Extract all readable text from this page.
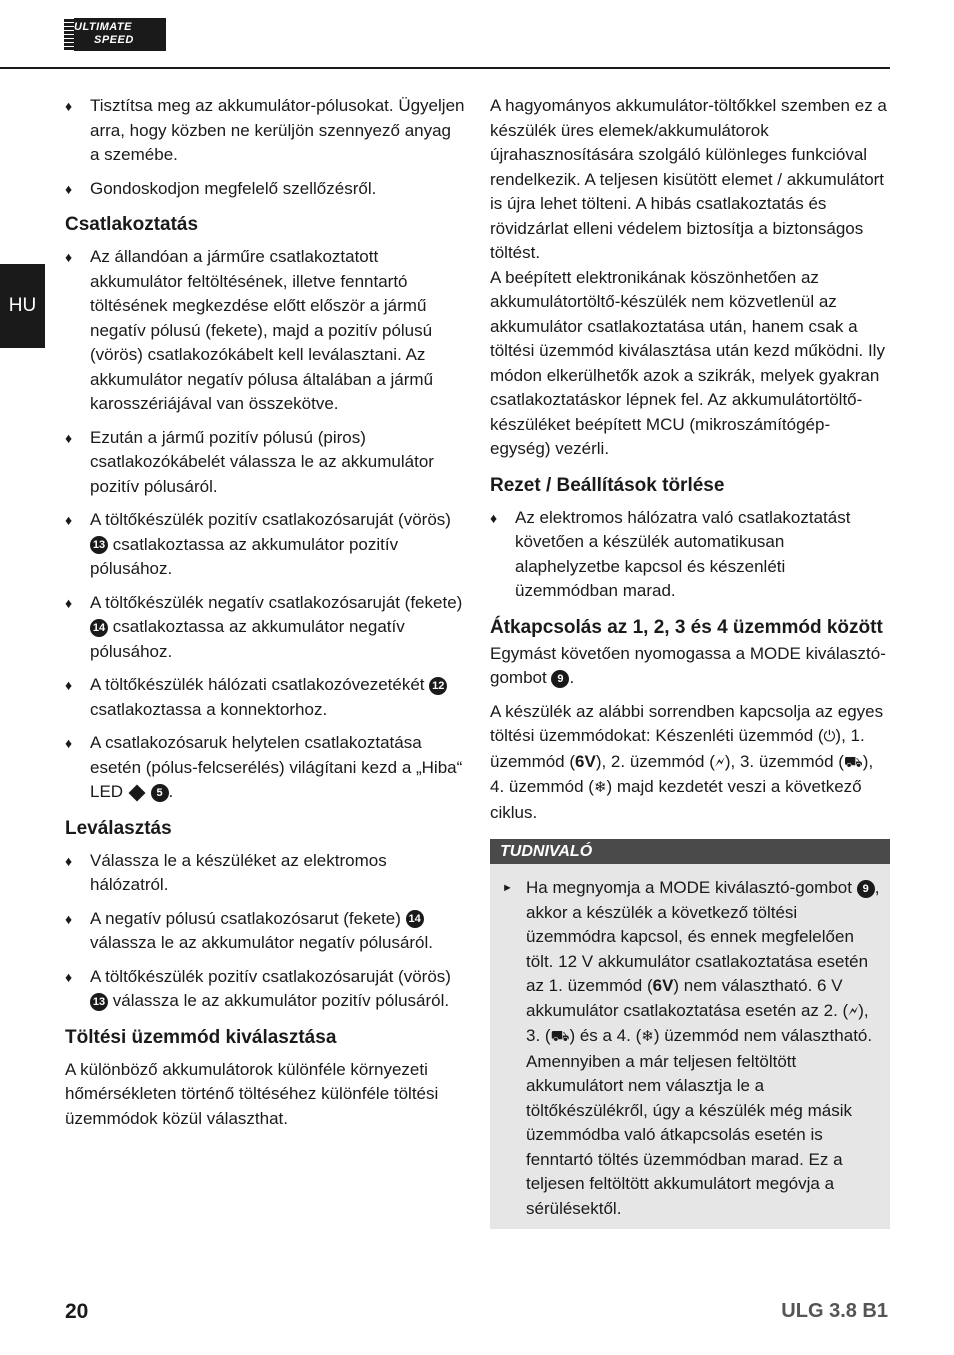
ULTIMATE
SPEED
HU
♦ Tisztítsa meg az akkumulátor-pólusokat. Ügyeljen arra, hogy közben ne kerüljön szennyező anyag a szemébe.
♦ Gondoskodjon megfelelő szellőzésről.
Csatlakoztatás
♦ Az állandóan a járműre csatlakoztatott akkumulátor feltöltésének, illetve fenntartó töltésének megkezdése előtt először a jármű negatív pólusú (fekete), majd a pozitív pólusú (vörös) csatlakozókábelt kell leválasztani. Az akkumulátor negatív pólusa általában a jármű karosszériájával van összekötve.
♦ Ezután a jármű pozitív pólusú (piros) csatlakozókábelét válassza le az akkumulátor pozitív pólusáról.
♦ A töltőkészülék pozitív csatlakozósaruját (vörös) 13 csatlakoztassa az akkumulátor pozitív pólusához.
♦ A töltőkészülék negatív csatlakozósaruját (fekete) 14 csatlakoztassa az akkumulátor negatív pólusához.
♦ A töltőkészülék hálózati csatlakozóvezetékét 12 csatlakoztassa a konnektorhoz.
♦ A csatlakozósaruk helytelen csatlakoztatása esetén (pólus-felcserélés) világítani kezd a „Hiba“ LED	5 .
Leválasztás
♦ Válassza le a készüléket az elektromos hálózatról.
♦ A negatív pólusú csatlakozósarut (fekete) 14 válassza le az akkumulátor negatív pólusáról.
♦ A töltőkészülék pozitív csatlakozósaruját (vörös) 13 válassza le az akkumulátor pozitív pólusáról.
Töltési üzemmód kiválasztása

A különböző akkumulátorok különféle környezeti hőmérsékleten történő töltéséhez különféle töltési üzemmódok közül választhat.

A hagyományos akkumulátor-töltőkkel szemben ez a készülék üres elemek/akkumulátorok újrahasznosítására szolgáló különleges funkcióval rendelkezik. A teljesen kisütött elemet / akkumulátort is újra lehet tölteni. A hibás csatlakoztatás és rövidzárlat elleni védelem biztosítja a biztonságos töltést.

A beépített elektronikának köszönhetően az akkumulátortöltő-készülék nem közvetlenül az akkumulátor csatlakoztatása után, hanem csak a töltési üzemmód kiválasztása után kezd működni. Ily módon elkerülhetők azok a szikrák, melyek gyakran csatlakoztatáskor lépnek fel. Az akkumulátortöltő-készüléket beépített MCU (mikroszámítógép-egység) vezérli.

Rezet / Beállítások törlése
♦ Az elektromos hálózatra való csatlakoztatást követően a készülék automatikusan alaphelyzetbe kapcsol és készenléti üzemmódban marad.
Átkapcsolás az 1, 2, 3 és 4 üzemmód között

Egymást követően nyomogassa a MODE kiválasztó-gombot 9 .

A készülék az alábbi sorrendben kapcsolja az egyes töltési üzemmódokat: Készenléti üzemmód (⏻), 1. üzemmód (6V), 2. üzemmód (🗲), 3. üzemmód (⛟), 4. üzemmód (❄) majd kezdetét veszi a következő ciklus.

TUDNIVALÓ
► Ha megnyomja a MODE kiválasztó-gombot 9 , akkor a készülék a következő töltési üzemmódra kapcsol, és ennek megfelelően tölt. 12 V akkumulátor csatlakoztatása esetén az 1. üzemmód (6V) nem választható. 6 V akkumulátor csatlakoztatása esetén az 2. (🗲), 3. (⛟) és a 4. (❄) üzemmód nem választható. Amennyiben a már teljesen feltöltött akkumulátort nem választja le a töltőkészülékről, úgy a készülék még másik üzemmódba való átkapcsolás esetén is fenntartó töltés üzemmódban marad. Ez a teljesen feltöltött akkumulátort megóvja a sérülésektől.
20	ULG 3.8 B1
